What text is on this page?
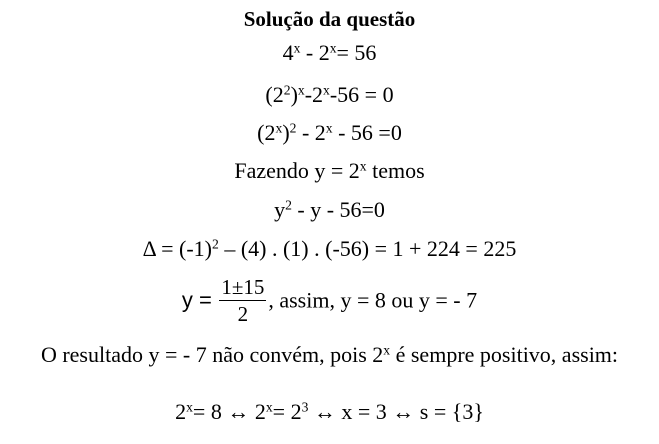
Solução da questão
$4^x - 2^x= 56$
$(2^2)^x-2^x-56 = 0$
$(2^x)^2 - 2^x - 56 =0$
Fazendo $y = 2^x$ temos
$y^2 - y - 56=0$
$\Delta = (-1)^2 - (4)$ . (1) . (-56) = 1 + 224 = 225
$y = \frac{1\pm 15}{2}$ , assim, y = 8 ou y = - 7
O resultado y = - 7 não convém, pois 2$^x$ é sempre positivo, assim:
$2^x= 8$ ↔ $2^x= 2^3$ ↔ x = 3 ↔ s = {3}
